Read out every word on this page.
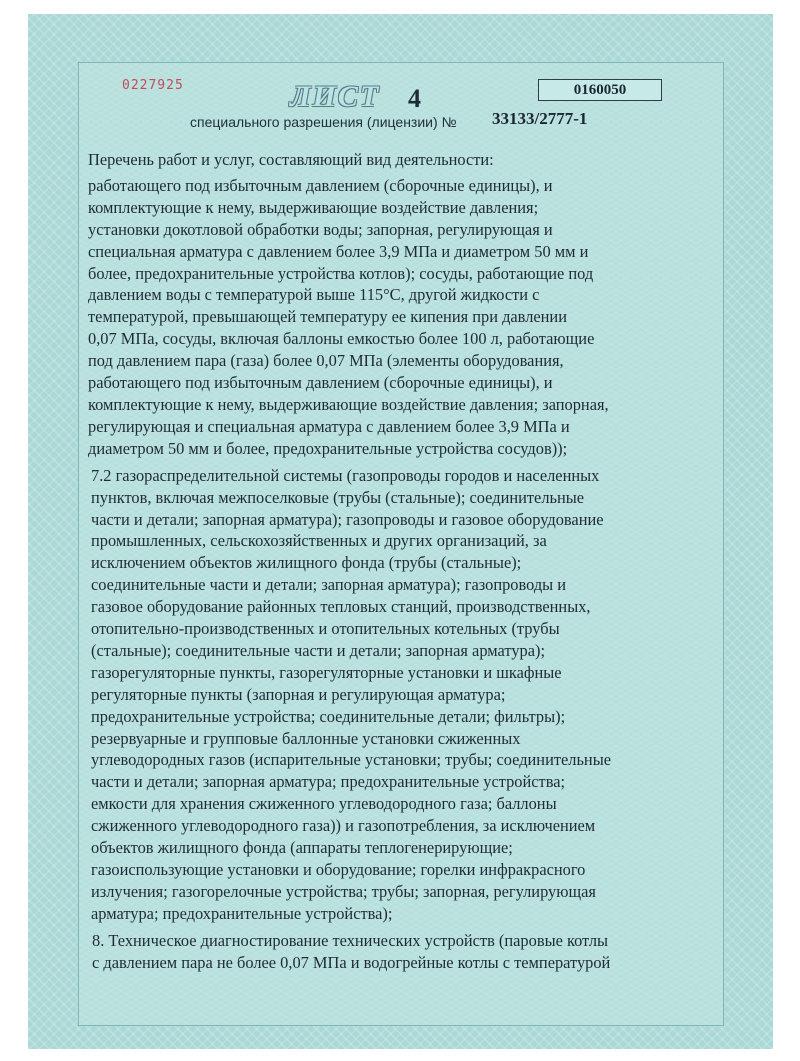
0227925	ЛИСТ 4	0160050
специального разрешения (лицензии) № 33133/2777-1
Перечень работ и услуг, составляющий вид деятельности:
работающего под избыточным давлением (сборочные единицы), и
комплектующие к нему, выдерживающие воздействие давления;
установки докотловой обработки воды; запорная, регулирующая и
специальная арматура с давлением более 3,9 МПа и диаметром 50 мм и
более, предохранительные устройства котлов); сосуды, работающие под
давлением воды с температурой выше 115°С, другой жидкости с
температурой, превышающей температуру ее кипения при давлении
0,07 МПа, сосуды, включая баллоны емкостью более 100 л, работающие
под давлением пара (газа) более 0,07 МПа (элементы оборудования,
работающего под избыточным давлением (сборочные единицы), и
комплектующие к нему, выдерживающие воздействие давления; запорная,
регулирующая и специальная арматура с давлением более 3,9 МПа и
диаметром 50 мм и более, предохранительные устройства сосудов));
7.2 газораспределительной системы (газопроводы городов и населенных
пунктов, включая межпоселковые (трубы (стальные); соединительные
части и детали; запорная арматура); газопроводы и газовое оборудование
промышленных, сельскохозяйственных и других организаций, за
исключением объектов жилищного фонда (трубы (стальные);
соединительные части и детали; запорная арматура); газопроводы и
газовое оборудование районных тепловых станций, производственных,
отопительно-производственных и отопительных котельных (трубы
(стальные); соединительные части и детали; запорная арматура);
газорегуляторные пункты, газорегуляторные установки и шкафные
регуляторные пункты (запорная и регулирующая арматура;
предохранительные устройства; соединительные детали; фильтры);
резервуарные и групповые баллонные установки сжиженных
углеводородных газов (испарительные установки; трубы; соединительные
части и детали; запорная арматура; предохранительные устройства;
емкости для хранения сжиженного углеводородного газа; баллоны
сжиженного углеводородного газа)) и газопотребления, за исключением
объектов жилищного фонда (аппараты теплогенерирующие;
газоиспользующие установки и оборудование; горелки инфракрасного
излучения; газогорелочные устройства; трубы; запорная, регулирующая
арматура; предохранительные устройства);
8. Техническое диагностирование технических устройств (паровые котлы
с давлением пара не более 0,07 МПа и водогрейные котлы с температурой
